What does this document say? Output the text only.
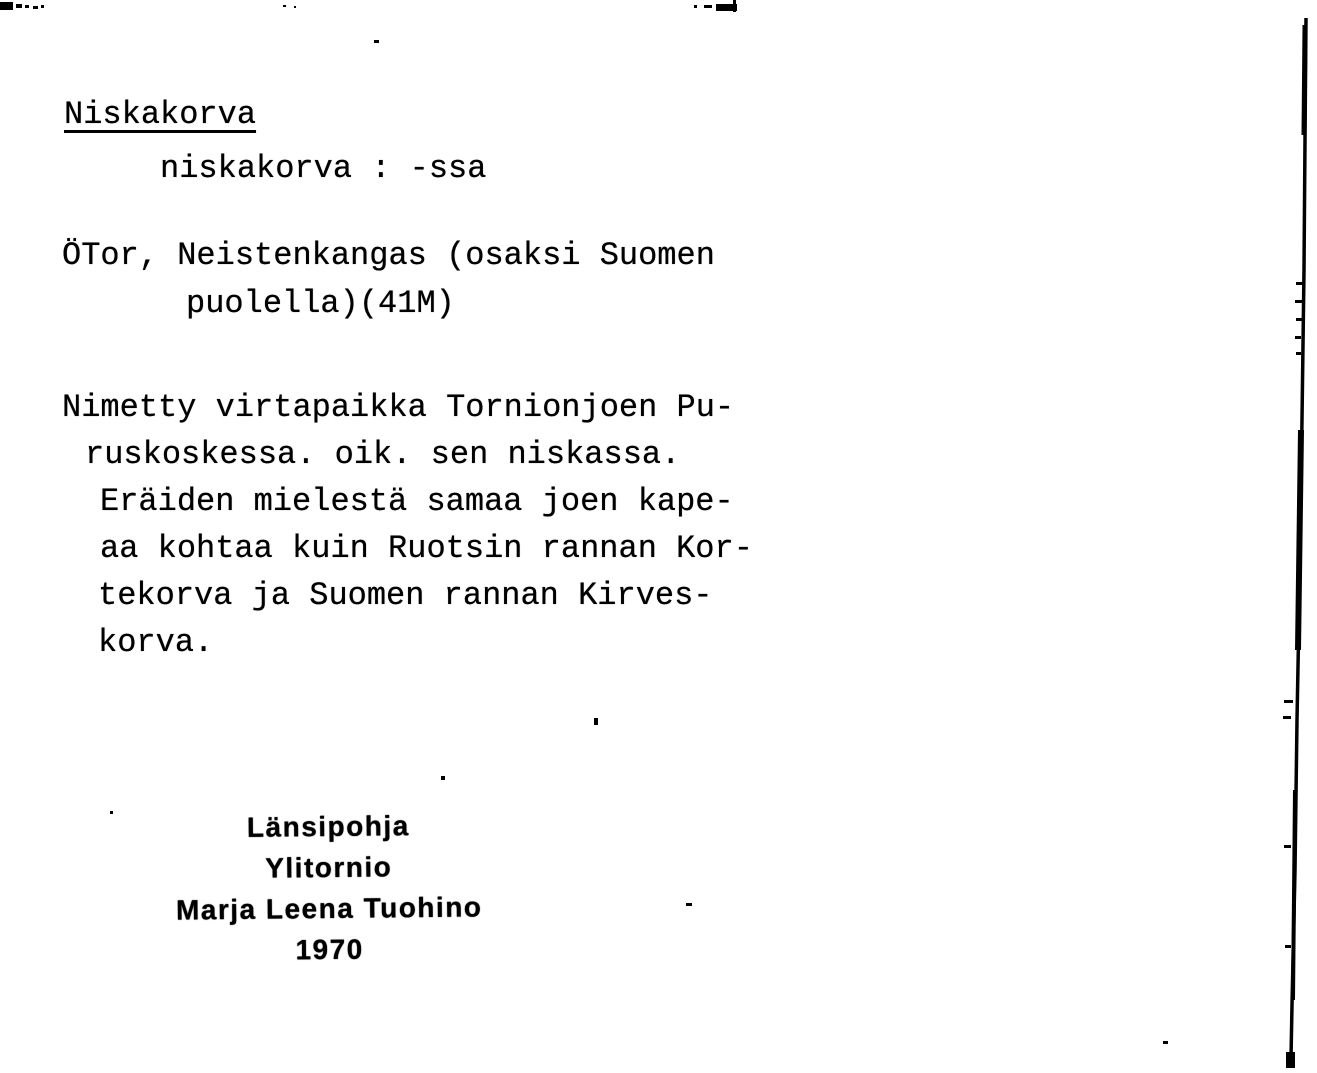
Niskakorva
niskakorva : -ssa
ÖTor, Neistenkangas (osaksi Suomen
puolella)(41M)
Nimetty virtapaikka Tornionjoen Pu-
ruskoskessa. oik. sen niskassa.
Eräiden mielestä samaa joen kape-
aa kohtaa kuin Ruotsin rannan Kor-
tekorva ja Suomen rannan Kirves-
korva.
Länsipohja
Ylitornio
Marja Leena Tuohino
1970
